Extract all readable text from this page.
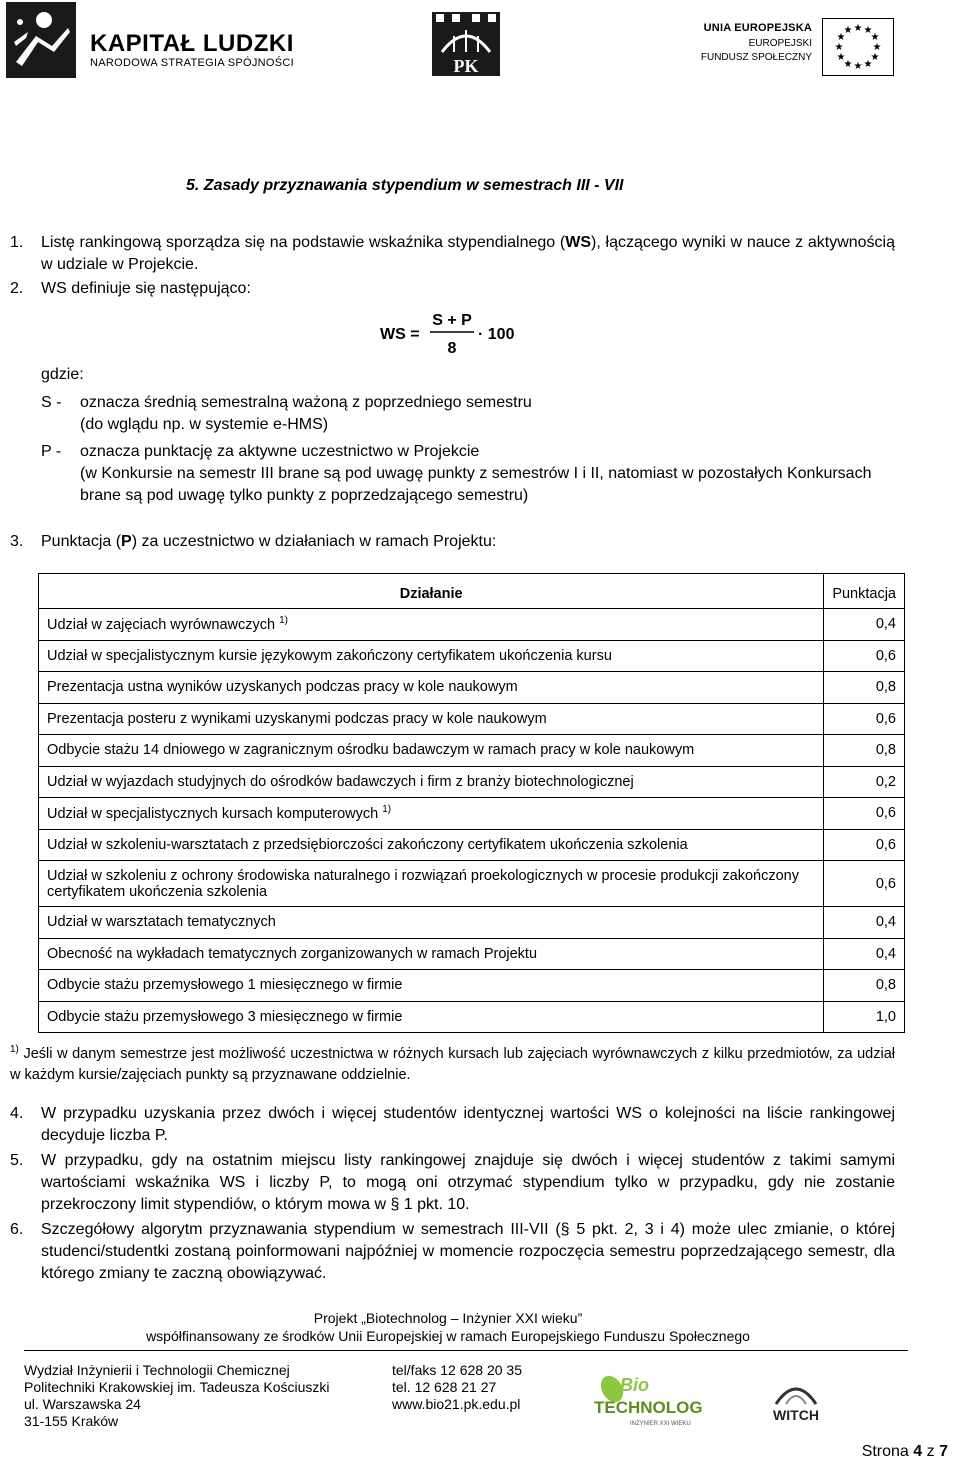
KAPITAŁ LUDZKI
NARODOWA STRATEGIA SPÓJNOŚCI	PK
UNIA EUROPEJSKA
EUROPEJSKI
FUNDUSZ SPOŁECZNY
★ ★
★
★
★
★
★
★
★
★
★
★
5. Zasady przyznawania stypendium w semestrach III - VII
1. Listę rankingową sporządza się na podstawie wskaźnika stypendialnego (WS), łączącego wyniki w nauce z aktywnością w udziale w Projekcie.
2. WS definiuje się następująco:
WS =
S + P
8
· 100
gdzie:
S - oznacza średnią semestralną ważoną z poprzedniego semestru
(do wglądu np. w systemie e-HMS)
P - oznacza punktację za aktywne uczestnictwo w Projekcie
(w Konkursie na semestr III brane są pod uwagę punkty z semestrów I i II, natomiast w pozostałych Konkursach brane są pod uwagę tylko punkty z poprzedzającego semestru)
3. Punktacja (P) za uczestnictwo w działaniach w ramach Projektu:
Działanie	Punktacja
Udział w zajęciach wyrównawczych $^{1)}$	0,4
Udział w specjalistycznym kursie językowym zakończony certyfikatem ukończenia kursu	0,6
Prezentacja ustna wyników uzyskanych podczas pracy w kole naukowym	0,8
Prezentacja posteru z wynikami uzyskanymi podczas pracy w kole naukowym	0,6
Odbycie stażu 14 dniowego w zagranicznym ośrodku badawczym w ramach pracy w kole naukowym	0,8
Udział w wyjazdach studyjnych do ośrodków badawczych i firm z branży biotechnologicznej	0,2
Udział w specjalistycznych kursach komputerowych $^{1)}$	0,6
Udział w szkoleniu-warsztatach z przedsiębiorczości zakończony certyfikatem ukończenia szkolenia	0,6
Udział w szkoleniu z ochrony środowiska naturalnego i rozwiązań proekologicznych w procesie produkcji zakończony certyfikatem ukończenia szkolenia	0,6
Udział w warsztatach tematycznych	0,4
Obecność na wykładach tematycznych zorganizowanych w ramach Projektu	0,4
Odbycie stażu przemysłowego 1 miesięcznego w firmie	0,8
Odbycie stażu przemysłowego 3 miesięcznego w firmie	1,0
$^{1)}$ Jeśli w danym semestrze jest możliwość uczestnictwa w różnych kursach lub zajęciach wyrównawczych z kilku przedmiotów, za udział w każdym kursie/zajęciach punkty są przyznawane oddzielnie.
4. W przypadku uzyskania przez dwóch i więcej studentów identycznej wartości WS o kolejności na liście rankingowej decyduje liczba P.
5. W przypadku, gdy na ostatnim miejscu listy rankingowej znajduje się dwóch i więcej studentów z takimi samymi wartościami wskaźnika WS i liczby P, to mogą oni otrzymać stypendium tylko w przypadku, gdy nie zostanie przekroczony limit stypendiów, o którym mowa w § 1 pkt. 10.
6. Szczegółowy algorytm przyznawania stypendium w semestrach III-VII (§ 5 pkt. 2, 3 i 4) może ulec zmianie, o której studenci/studentki zostaną poinformowani najpóźniej w momencie rozpoczęcia semestru poprzedzającego semestr, dla którego zmiany te zaczną obowiązywać.
Projekt „Biotechnolog – Inżynier XXI wieku”
współfinansowany ze środków Unii Europejskiej w ramach Europejskiego Funduszu Społecznego
Wydział Inżynierii i Technologii Chemicznej
Politechniki Krakowskiej im. Tadeusza Kościuszki
ul. Warszawska 24
31-155 Kraków
tel/faks 12 628 20 35
tel. 12 628 21 27
www.bio21.pk.edu.pl
Bio
TECHNOLOG
INŻYNIER XXI WIEKU
WITCH
Strona 4 z 7
